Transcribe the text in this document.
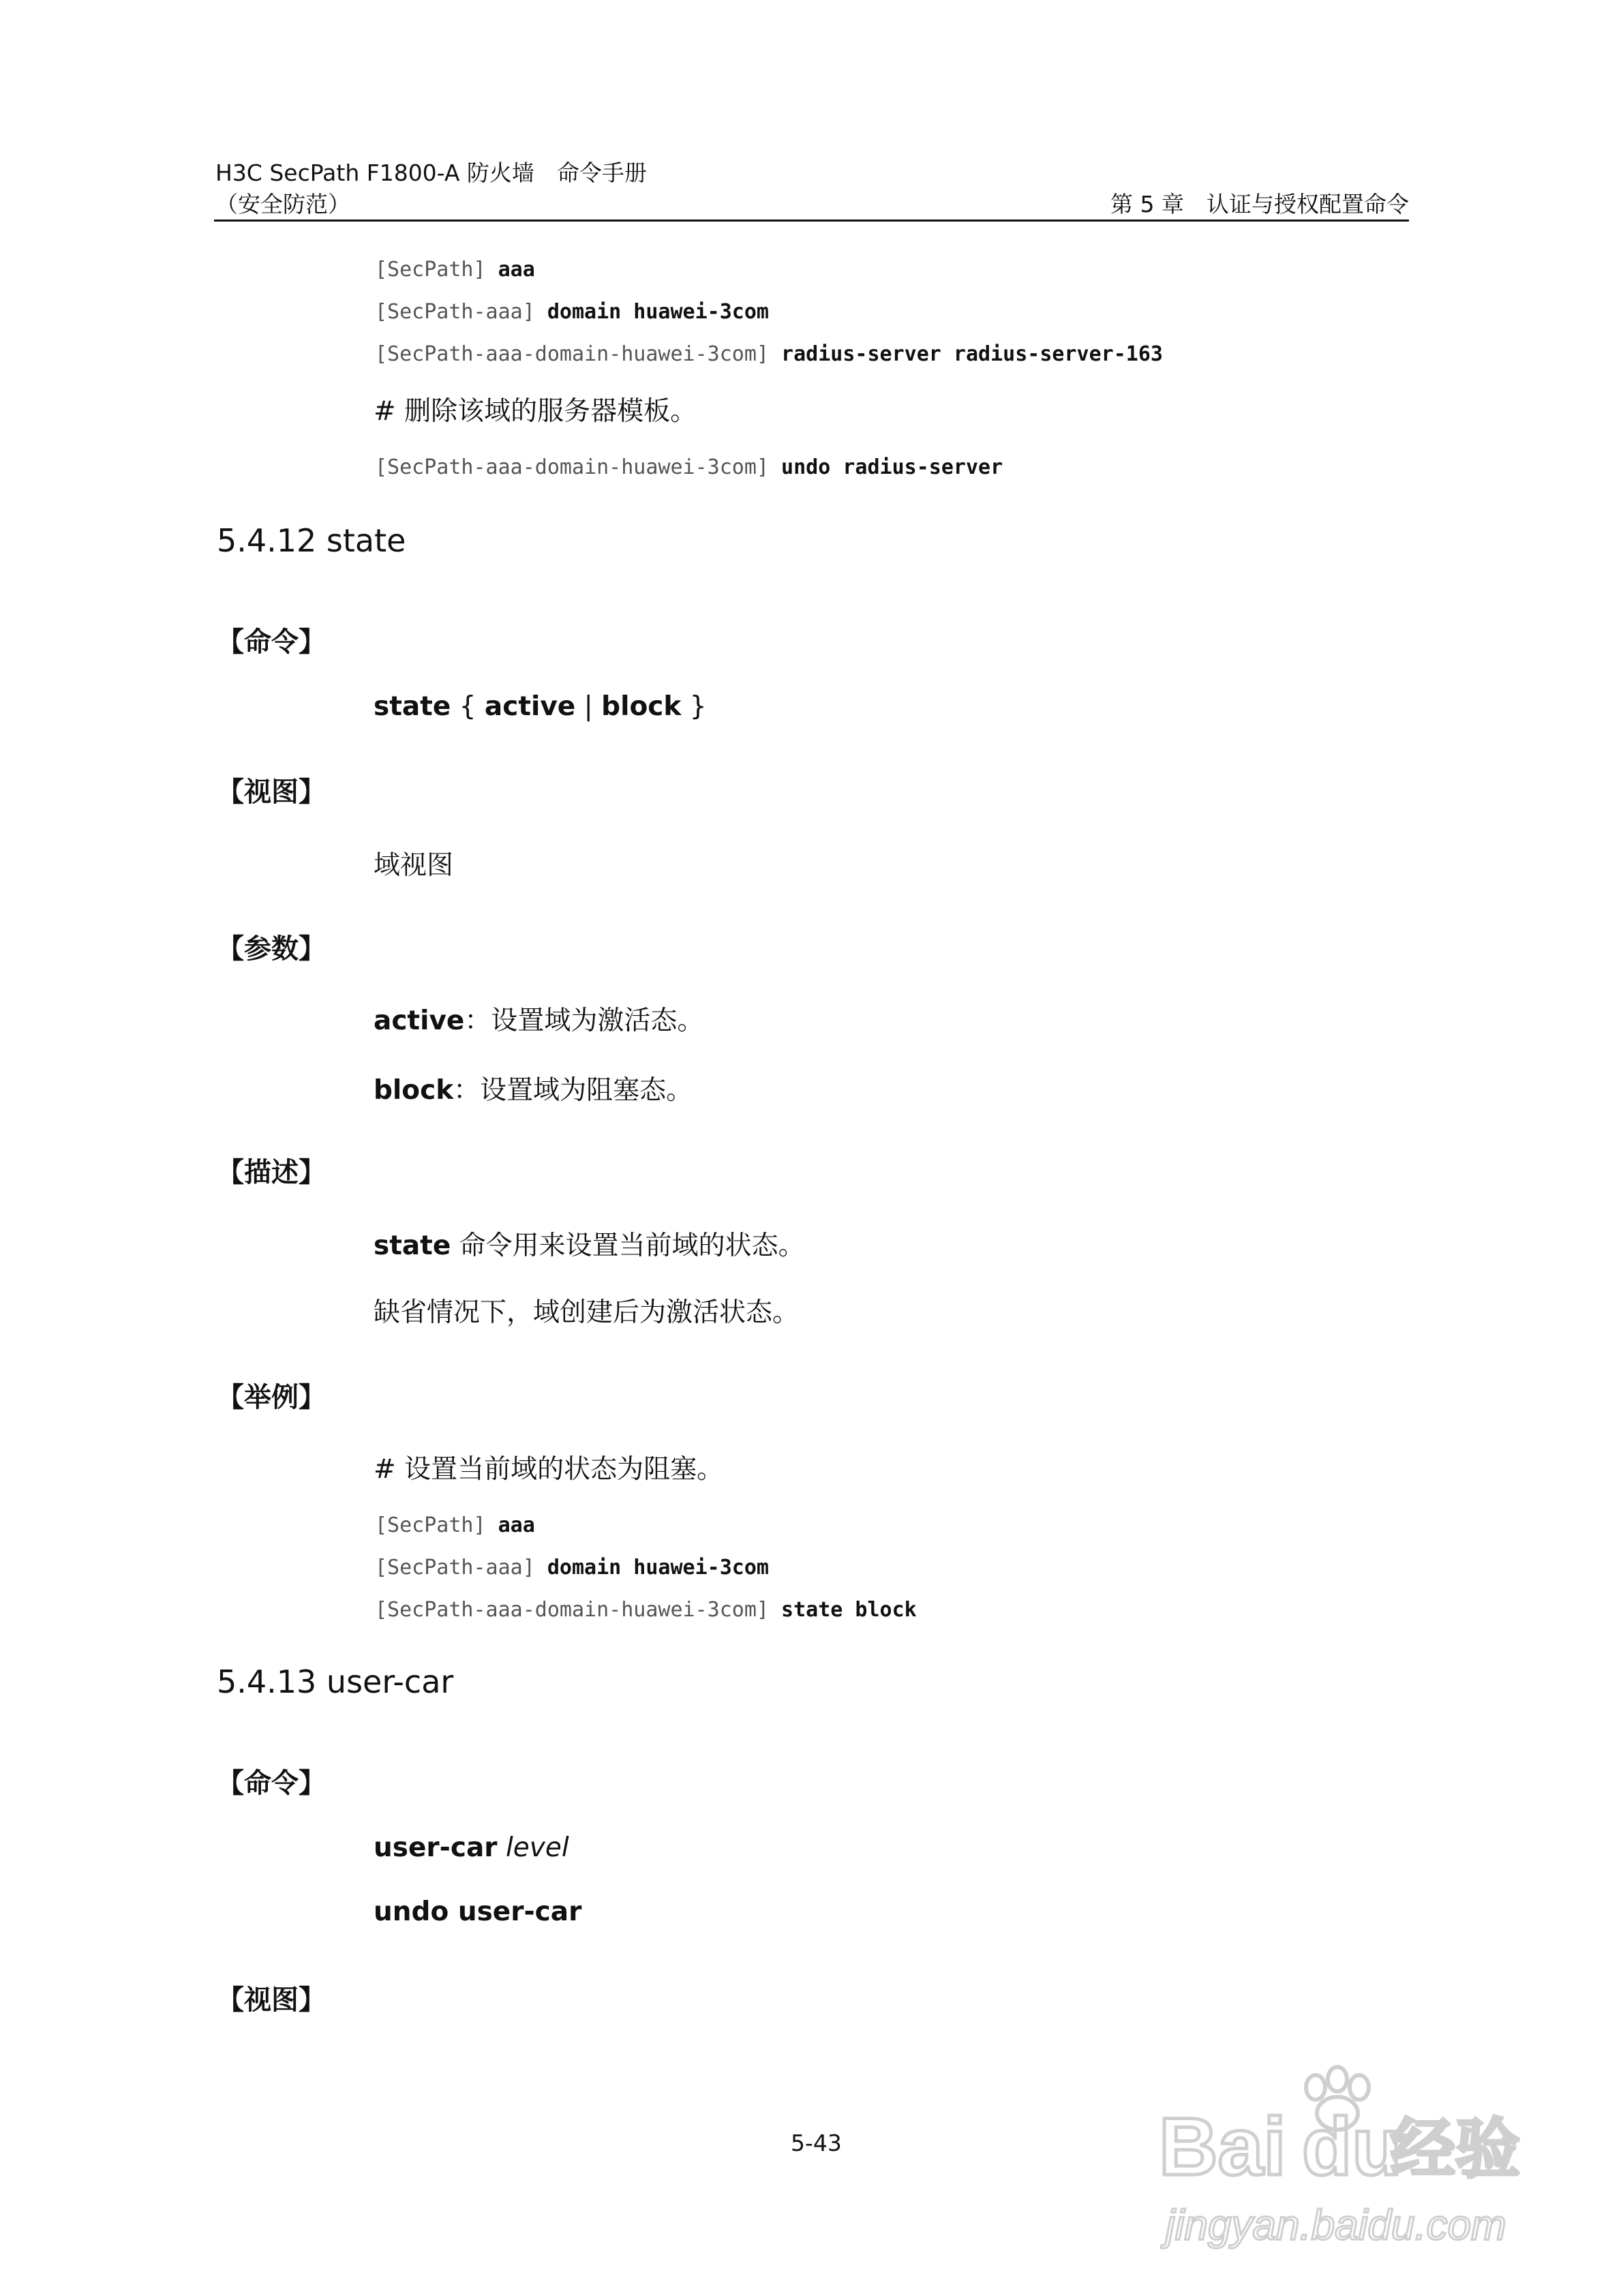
H3C SecPath F1800-A 防火墙　命令手册
（安全防范）	第 5 章　认证与授权配置命令
[SecPath] aaa
[SecPath-aaa] domain huawei-3com
[SecPath-aaa-domain-huawei-3com] radius-server radius-server-163
# 删除该域的服务器模板。
[SecPath-aaa-domain-huawei-3com] undo radius-server
5.4.12 state
【命令】
state { active | block }
【视图】
域视图
【参数】
active：设置域为激活态。
block：设置域为阻塞态。
【描述】
state 命令用来设置当前域的状态。
缺省情况下，域创建后为激活状态。
【举例】
# 设置当前域的状态为阻塞。
[SecPath] aaa
[SecPath-aaa] domain huawei-3com
[SecPath-aaa-domain-huawei-3com] state block
5.4.13 user-car
【命令】
user-car level
undo user-car
【视图】
5-43	Bai du
经验
jingyan.baidu.com
